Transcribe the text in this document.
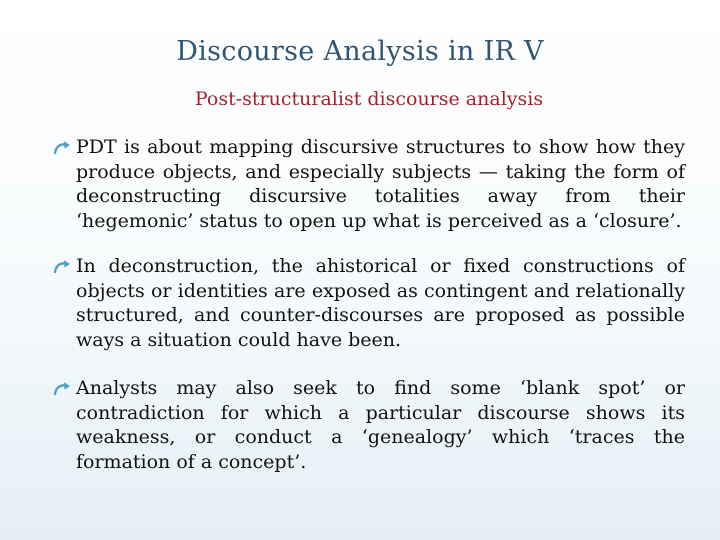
Discourse Analysis in IR V
Post-structuralist discourse analysis
PDT is about mapping discursive structures to show how they produce objects, and especially subjects — taking the form of deconstructing discursive totalities away from their ‘hegemonic’ status to open up what is perceived as a ‘closure’.
In deconstruction, the ahistorical or fixed constructions of objects or identities are exposed as contingent and relationally structured, and counter-discourses are proposed as possible ways a situation could have been.
Analysts may also seek to find some ‘blank spot’ or contradiction for which a particular discourse shows its weakness, or conduct a ‘genealogy’ which ‘traces the formation of a concept’.
